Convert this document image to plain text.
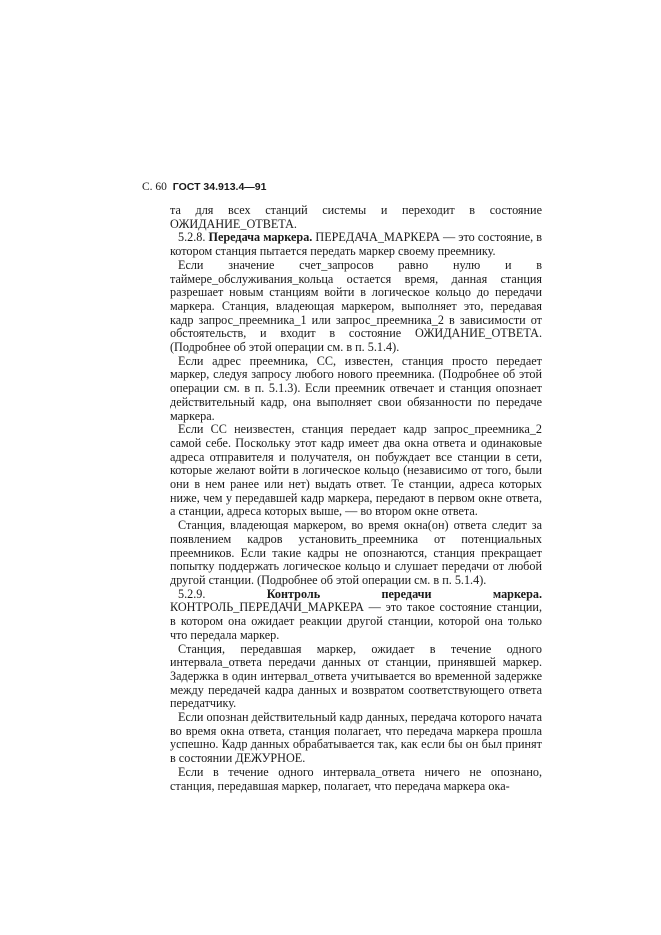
С. 60 ГОСТ 34.913.4—91

та для всех станций системы и переходит в состояние ОЖИДАНИЕ_ОТВЕТА.

5.2.8. Передача маркера. ПЕРЕДАЧА_МАРКЕРА — это состояние, в котором станция пытается передать маркер своему преемнику.

Если значение счет_запросов равно нулю и в таймере_обслуживания_кольца остается время, данная станция разрешает новым станциям войти в логическое кольцо до передачи маркера. Станция, владеющая маркером, выполняет это, передавая кадр запрос_преемника_1 или запрос_преемника_2 в зависимости от обстоятельств, и входит в состояние ОЖИДАНИЕ_ОТВЕТА. (Подробнее об этой операции см. в п. 5.1.4).

Если адрес преемника, СС, известен, станция просто передает маркер, следуя запросу любого нового преемника. (Подробнее об этой операции см. в п. 5.1.3). Если преемник отвечает и станция опознает действительный кадр, она выполняет свои обязанности по передаче маркера.

Если СС неизвестен, станция передает кадр запрос_преемника_2 самой себе. Поскольку этот кадр имеет два окна ответа и одинаковые адреса отправителя и получателя, он побуждает все станции в сети, которые желают войти в логическое кольцо (независимо от того, были они в нем ранее или нет) выдать ответ. Те станции, адреса которых ниже, чем у передавшей кадр маркера, передают в первом окне ответа, а станции, адреса которых выше, — во втором окне ответа.

Станция, владеющая маркером, во время окна(он) ответа следит за появлением кадров установить_преемника от потенциальных преемников. Если такие кадры не опознаются, станция прекращает попытку поддержать логическое кольцо и слушает передачи от любой другой станции. (Подробнее об этой операции см. в п. 5.1.4).

5.2.9.	Контроль передачи маркера. КОНТРОЛЬ_ПЕРЕДАЧИ_МАРКЕРА — это такое состояние станции, в котором она ожидает реакции другой станции, которой она только что передала маркер.

Станция, передавшая маркер, ожидает в течение одного интервала_ответа передачи данных от станции, принявшей маркер. Задержка в один интервал_ответа учитывается во временной задержке между передачей кадра данных и возвратом соответствующего ответа передатчику.

Если опознан действительный кадр данных, передача которого начата во время окна ответа, станция полагает, что передача маркера прошла успешно. Кадр данных обрабатывается так, как если бы он был принят в состоянии ДЕЖУРНОЕ.

Если в течение одного интервала_ответа ничего не опознано, станция, передавшая маркер, полагает, что передача маркера ока-
